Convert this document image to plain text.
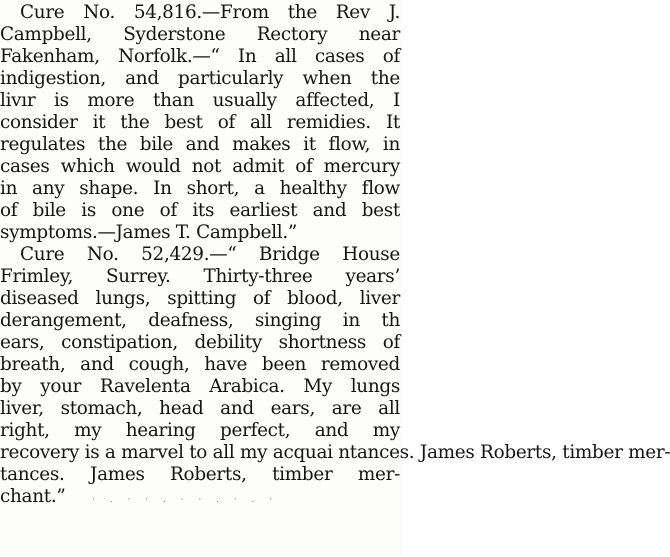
Cure No. 54,816.—From the Rev J.
Campbell, Syderstone Rectory near
Fakenham, Norfolk.—“ In all cases of
indigestion, and particularly when the
livır is more than usually affected, I
consider it the best of all remidies. It
regulates the bile and makes it flow, in
cases which would not admit of mercury
in any shape. In short, a healthy flow
of bile is one of its earliest and best
symptoms.—James T. Campbell.”
Cure No. 52,429.—“ Bridge House
Frimley, Surrey. Thirty-three years’
diseased lungs, spitting of blood, liver
derangement, deafness, singing in th
ears, constipation, debility shortness of
breath, and cough, have been removed
by your Ravelenta Arabica. My lungs
liver, stomach, head and ears, are all
right, my hearing perfect, and my
recovery is a marvel to all my acquai ntances. James Roberts, timber mer-
tances. James Roberts, timber mer-
chant.”	· . · · . · · . · . ·
